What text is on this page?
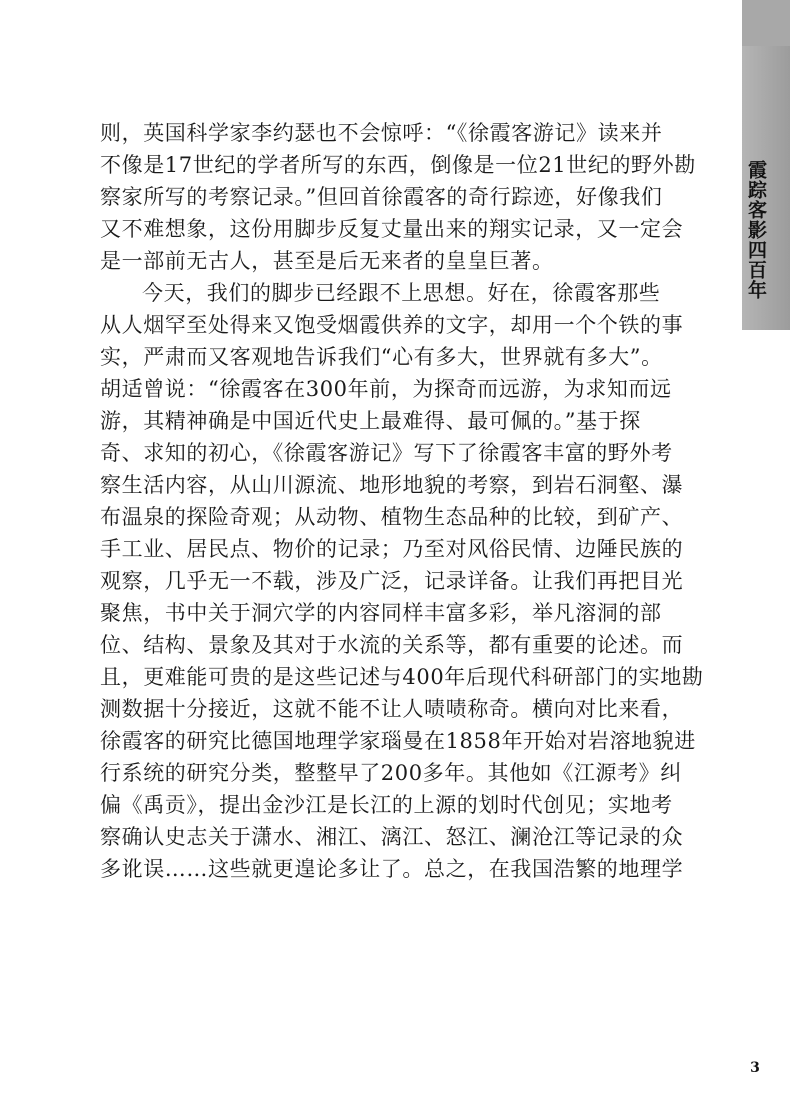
霞踪客影四百年
则，英国科学家李约瑟也不会惊呼：“《徐霞客游记》读来并
不像是17世纪的学者所写的东西，倒像是一位21世纪的野外勘
察家所写的考察记录。”但回首徐霞客的奇行踪迹，好像我们
又不难想象，这份用脚步反复丈量出来的翔实记录，又一定会
是一部前无古人，甚至是后无来者的皇皇巨著。
今天，我们的脚步已经跟不上思想。好在，徐霞客那些
从人烟罕至处得来又饱受烟霞供养的文字，却用一个个铁的事
实，严肃而又客观地告诉我们“心有多大，世界就有多大”。
胡适曾说：“徐霞客在300年前，为探奇而远游，为求知而远
游，其精神确是中国近代史上最难得、最可佩的。”基于探
奇、求知的初心，《徐霞客游记》写下了徐霞客丰富的野外考
察生活内容，从山川源流、地形地貌的考察，到岩石洞壑、瀑
布温泉的探险奇观；从动物、植物生态品种的比较，到矿产、
手工业、居民点、物价的记录；乃至对风俗民情、边陲民族的
观察，几乎无一不载，涉及广泛，记录详备。让我们再把目光
聚焦，书中关于洞穴学的内容同样丰富多彩，举凡溶洞的部
位、结构、景象及其对于水流的关系等，都有重要的论述。而
且，更难能可贵的是这些记述与400年后现代科研部门的实地勘
测数据十分接近，这就不能不让人啧啧称奇。横向对比来看，
徐霞客的研究比德国地理学家瑙曼在1858年开始对岩溶地貌进
行系统的研究分类，整整早了200多年。其他如《江源考》纠
偏《禹贡》，提出金沙江是长江的上源的划时代创见；实地考
察确认史志关于潇水、湘江、漓江、怒江、澜沧江等记录的众
多讹误……这些就更遑论多让了。总之，在我国浩繁的地理学
3
